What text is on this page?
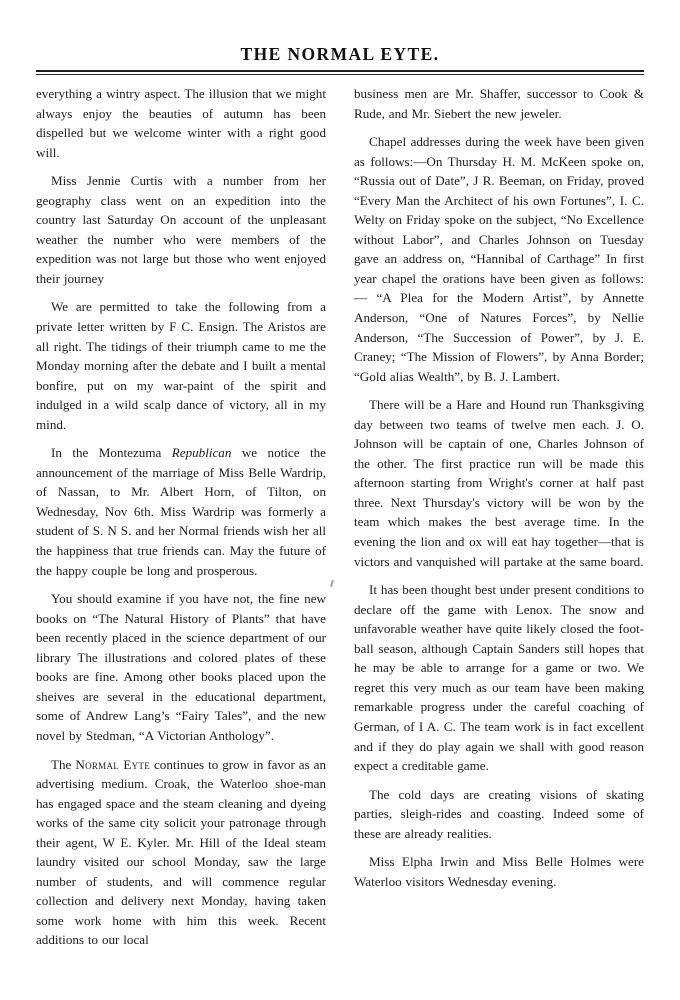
THE NORMAL EYTE.

everything a wintry aspect. The illusion that we might always enjoy the beauties of autumn has been dispelled but we welcome winter with a right good will.

Miss Jennie Curtis with a number from her geography class went on an expedition into the country last Saturday On account of the unpleasant weather the number who were members of the expedition was not large but those who went enjoyed their journey

We are permitted to take the following from a private letter written by F C. Ensign. The Aristos are all right. The tidings of their triumph came to me the Monday morning after the debate and I built a mental bonfire, put on my war-paint of the spirit and indulged in a wild scalp dance of victory, all in my mind.

In the Montezuma Republican we notice the announcement of the marriage of Miss Belle Wardrip, of Nassan, to Mr. Albert Horn, of Tilton, on Wednesday, Nov 6th. Miss Wardrip was formerly a student of S. N S. and her Normal friends wish her all the happiness that true friends can. May the future of the happy couple be long and prosperous.

You should examine if you have not, the fine new books on “The Natural History of Plants” that have been recently placed in the science department of our library The illustrations and colored plates of these books are fine. Among other books placed upon the sheives are several in the educational department, some of Andrew Lang’s “Fairy Tales”, and the new novel by Stedman, “A Victorian Anthology”.

The Normal Eyte continues to grow in favor as an advertising medium. Croak, the Waterloo shoe-man has engaged space and the steam cleaning and dyeing works of the same city solicit your patronage through their agent, W E. Kyler. Mr. Hill of the Ideal steam laundry visited our school Monday, saw the large number of students, and will commence regular collection and delivery next Monday, having taken some work home with him this week. Recent additions to our local

business men are Mr. Shaffer, successor to Cook & Rude, and Mr. Siebert the new jeweler.

Chapel addresses during the week have been given as follows:—On Thursday H. M. McKeen spoke on, “Russia out of Date”, J R. Beeman, on Friday, proved “Every Man the Architect of his own Fortunes”, I. C. Welty on Friday spoke on the subject, “No Excellence without Labor”, and Charles Johnson on Tuesday gave an address on, “Hannibal of Carthage” In first year chapel the orations have been given as follows:— “A Plea for the Modern Artist”, by Annette Anderson, “One of Natures Forces”, by Nellie Anderson, “The Succession of Power”, by J. E. Craney; “The Mission of Flowers”, by Anna Border; “Gold alias Wealth”, by B. J. Lambert.

There will be a Hare and Hound run Thanksgiving day between two teams of twelve men each. J. O. Johnson will be captain of one, Charles Johnson of the other. The first practice run will be made this afternoon starting from Wright's corner at half past three. Next Thursday's victory will be won by the team which makes the best average time. In the evening the lion and ox will eat hay together—that is victors and vanquished will partake at the same board.

It has been thought best under present conditions to declare off the game with Lenox. The snow and unfavorable weather have quite likely closed the foot-ball season, although Captain Sanders still hopes that he may be able to arrange for a game or two. We regret this very much as our team have been making remarkable progress under the careful coaching of German, of I A. C. The team work is in fact excellent and if they do play again we shall with good reason expect a creditable game.

The cold days are creating visions of skating parties, sleigh-rides and coasting. Indeed some of these are already realities.

Miss Elpha Irwin and Miss Belle Holmes were Waterloo visitors Wednesday evening.
